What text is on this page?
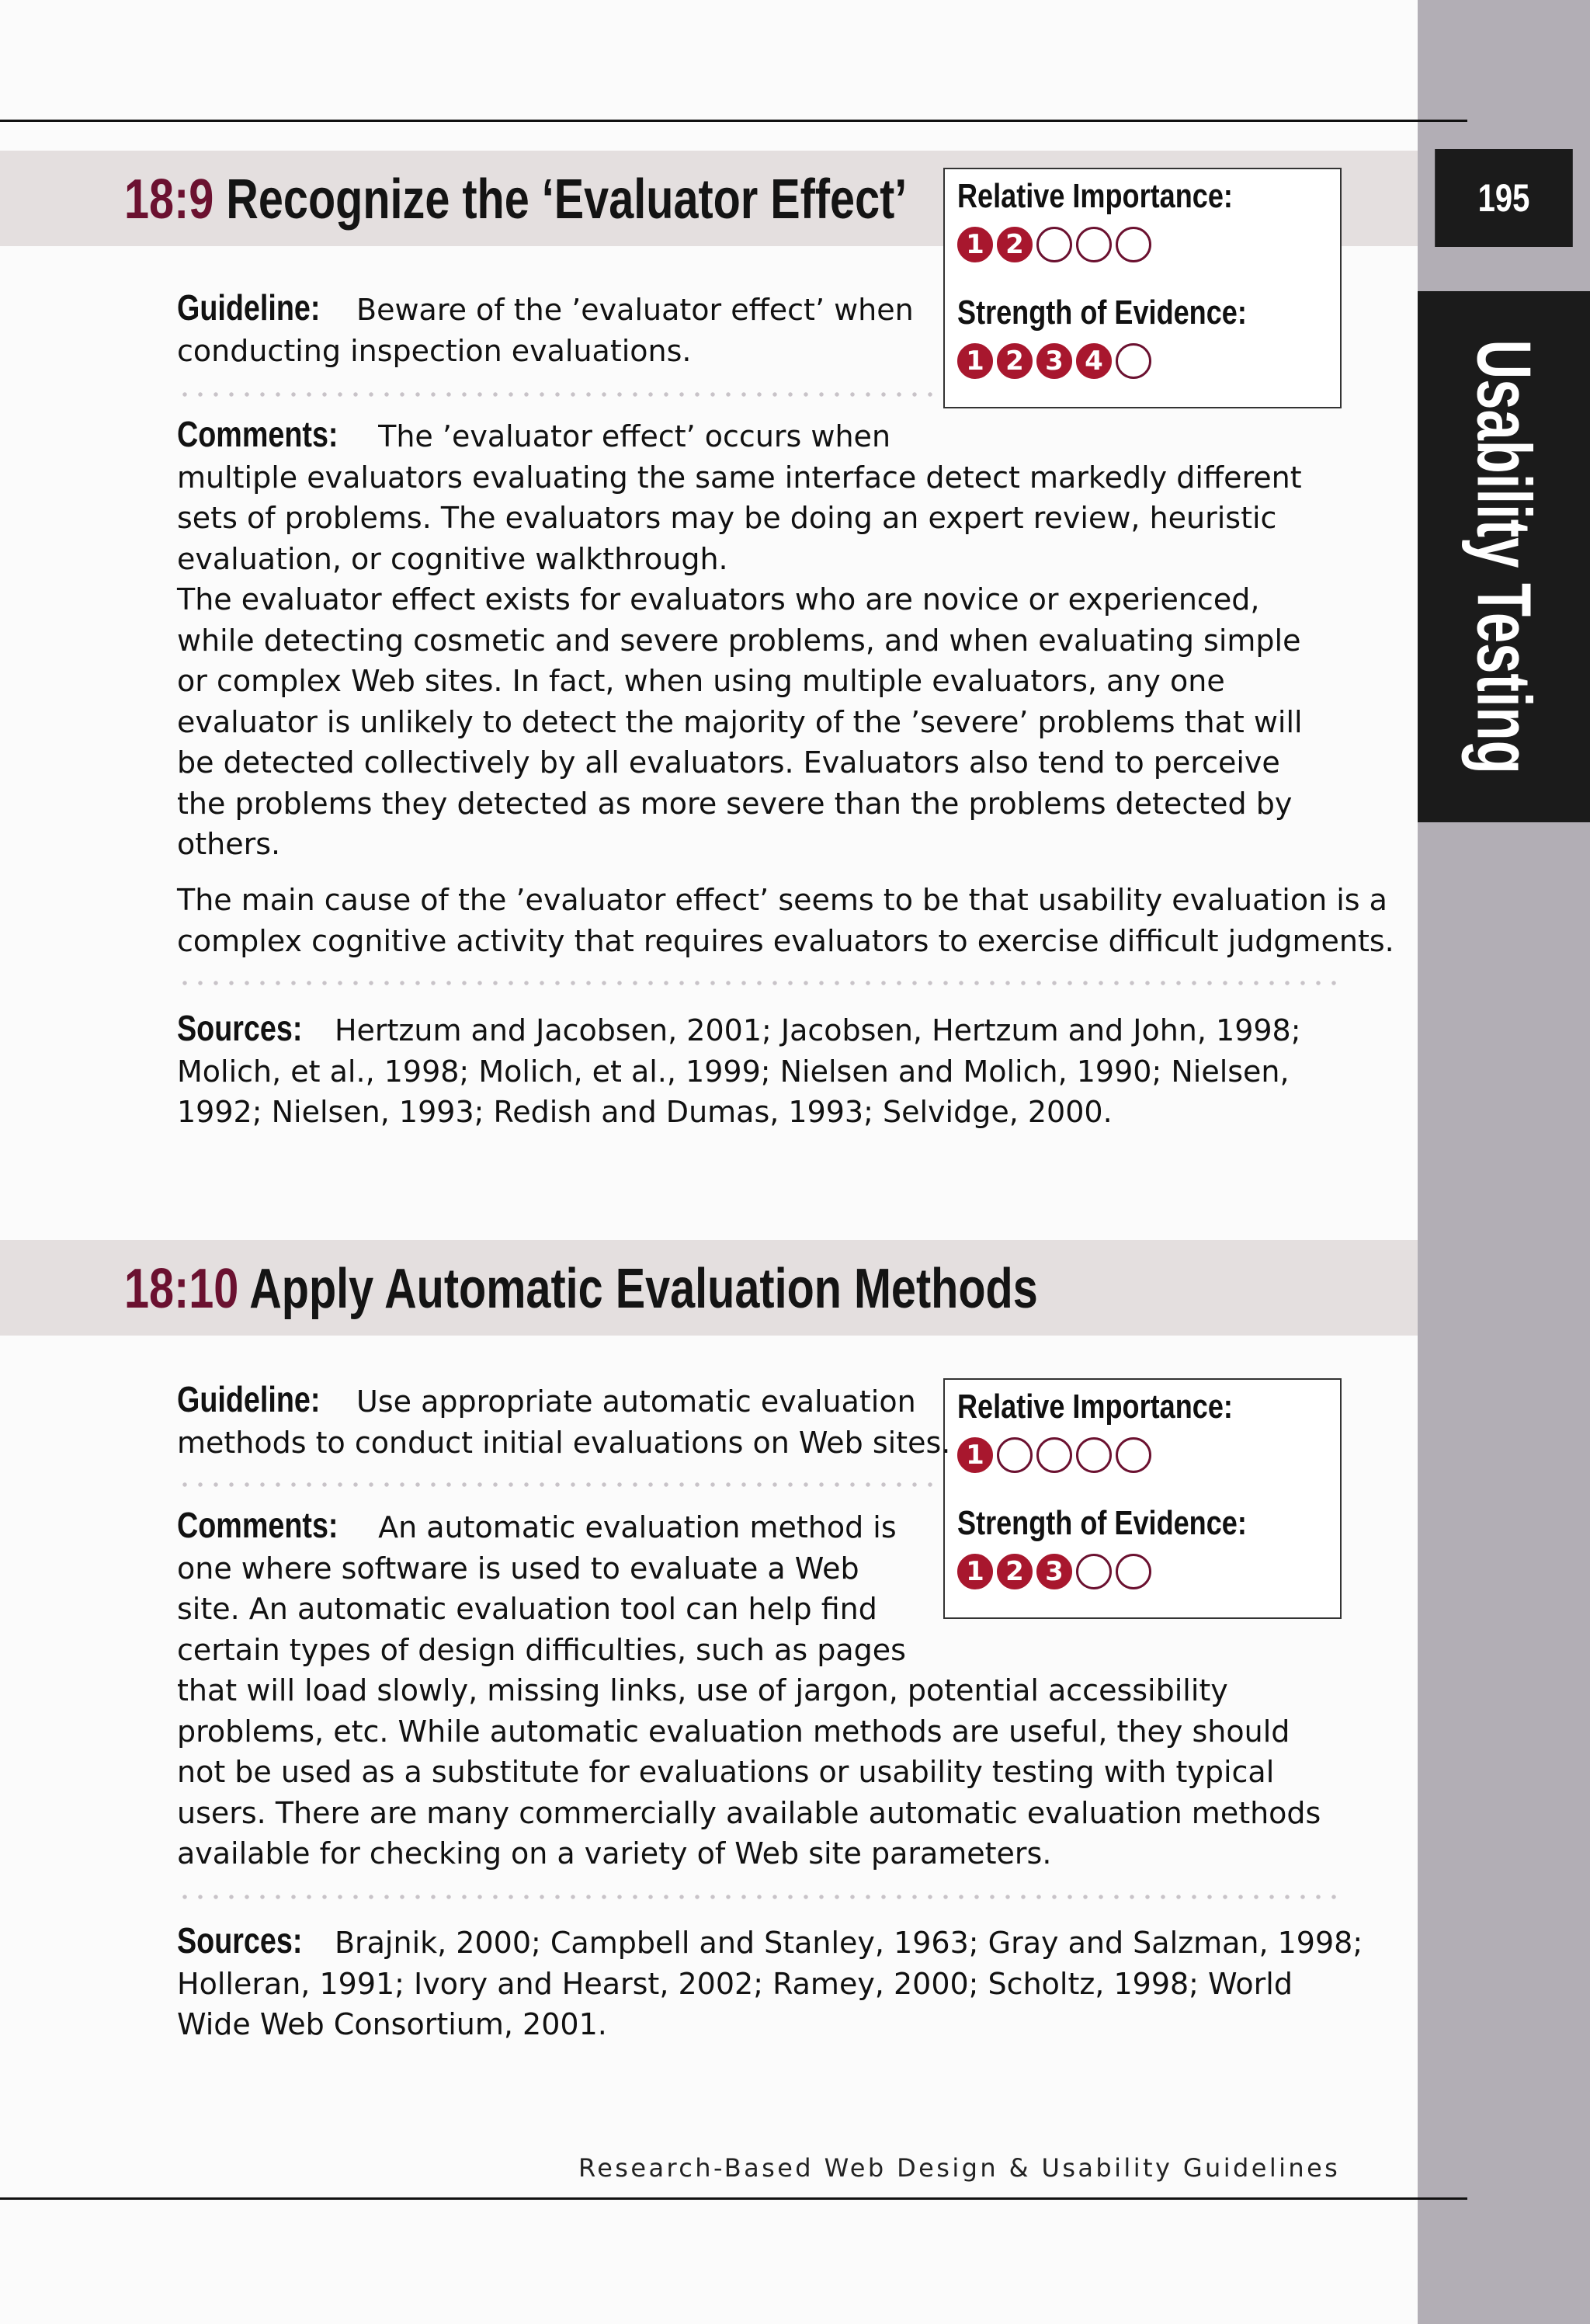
195
Usability Testing
18:9 Recognize the ‘Evaluator Effect’ Relative Importance:
1 2
Strength of Evidence:
1 2 3 4
Guideline: Beware of the ’evaluator effect’ when
conducting inspection evaluations.
Comments: The ’evaluator effect’ occurs when
multiple evaluators evaluating the same interface detect markedly different
sets of problems. The evaluators may be doing an expert review, heuristic
evaluation, or cognitive walkthrough.
The evaluator effect exists for evaluators who are novice or experienced,
while detecting cosmetic and severe problems, and when evaluating simple
or complex Web sites. In fact, when using multiple evaluators, any one
evaluator is unlikely to detect the majority of the ’severe’ problems that will
be detected collectively by all evaluators. Evaluators also tend to perceive
the problems they detected as more severe than the problems detected by
others.
The main cause of the ’evaluator effect’ seems to be that usability evaluation is a
complex cognitive activity that requires evaluators to exercise difficult judgments.
Sources: Hertzum and Jacobsen, 2001; Jacobsen, Hertzum and John, 1998;
Molich, et al., 1998; Molich, et al., 1999; Nielsen and Molich, 1990; Nielsen,
1992; Nielsen, 1993; Redish and Dumas, 1993; Selvidge, 2000.
18:10 Apply Automatic Evaluation Methods
Relative Importance:
1
Strength of Evidence:
1 2 3
Guideline: Use appropriate automatic evaluation
methods to conduct initial evaluations on Web sites.
Comments: An automatic evaluation method is
one where software is used to evaluate a Web
site. An automatic evaluation tool can help find
certain types of design difficulties, such as pages
that will load slowly, missing links, use of jargon, potential accessibility
problems, etc. While automatic evaluation methods are useful, they should
not be used as a substitute for evaluations or usability testing with typical
users. There are many commercially available automatic evaluation methods
available for checking on a variety of Web site parameters.
Sources: Brajnik, 2000; Campbell and Stanley, 1963; Gray and Salzman, 1998;
Holleran, 1991; Ivory and Hearst, 2002; Ramey, 2000; Scholtz, 1998; World
Wide Web Consortium, 2001.
Research-Based Web Design & Usability Guidelines
